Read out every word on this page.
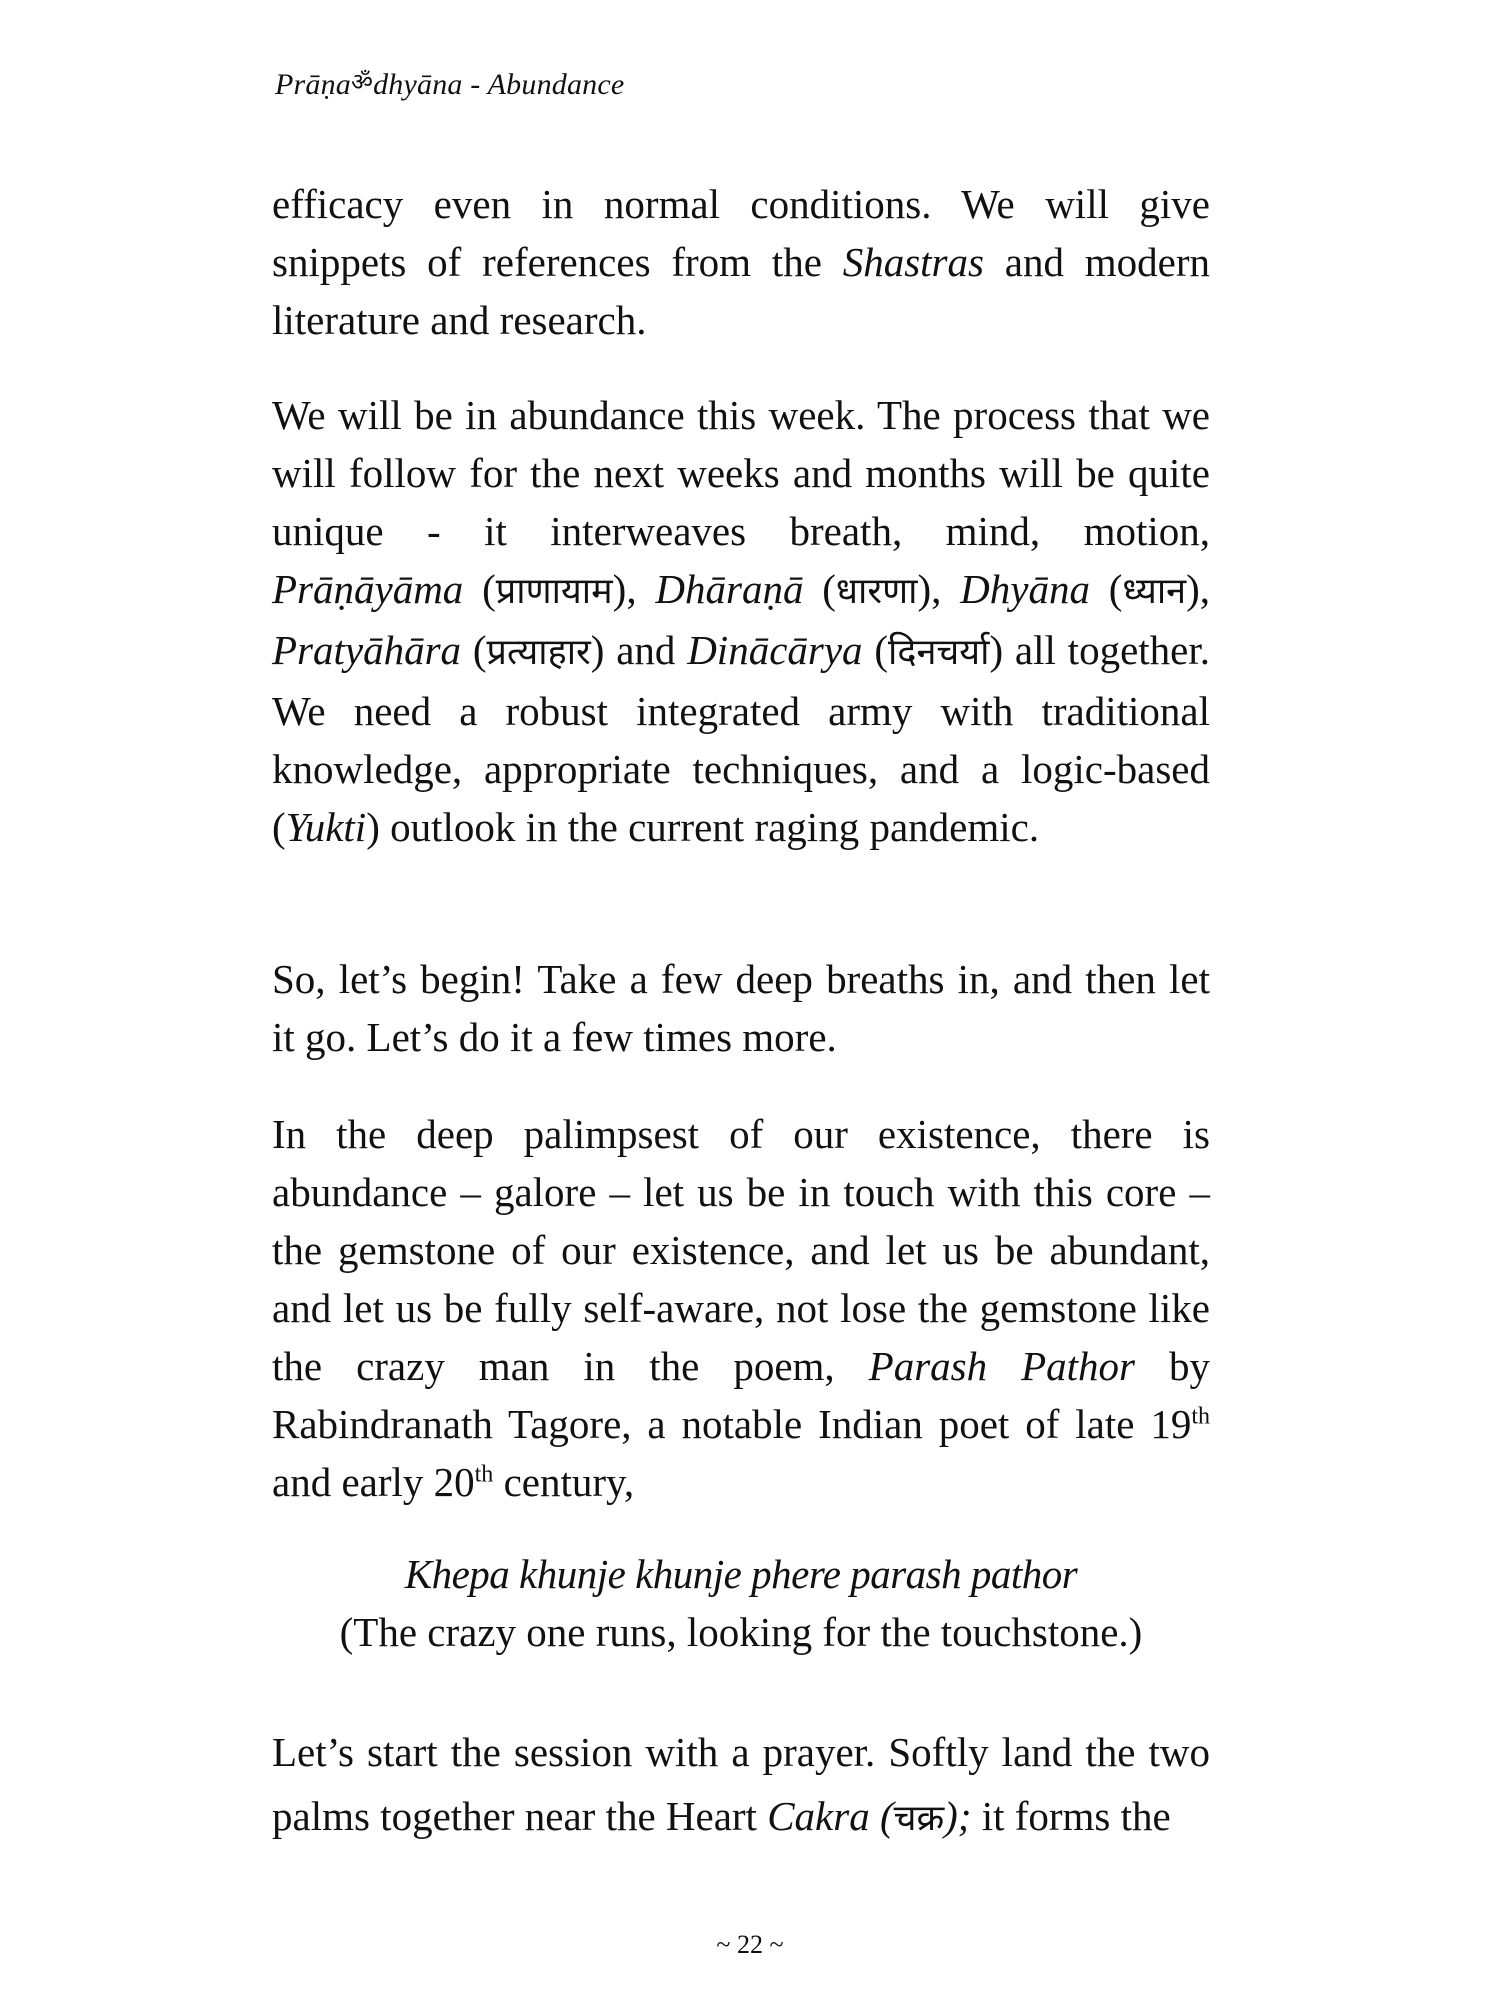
Prāṇaॐdhyāna - Abundance
efficacy even in normal conditions. We will give snippets of references from the Shastras and modern literature and research.
We will be in abundance this week. The process that we will follow for the next weeks and months will be quite unique - it interweaves breath, mind, motion, Prāṇāyāma (प्राणायाम), Dhāraṇā (धारणा), Dhyāna (ध्यान), Pratyāhāra (प्रत्याहार) and Dinācārya (दिनचर्या) all together. We need a robust integrated army with traditional knowledge, appropriate techniques, and a logic-based (Yukti) outlook in the current raging pandemic.
So, let’s begin! Take a few deep breaths in, and then let it go. Let’s do it a few times more.
In the deep palimpsest of our existence, there is abundance – galore – let us be in touch with this core – the gemstone of our existence, and let us be abundant, and let us be fully self-aware, not lose the gemstone like the crazy man in the poem, Parash Pathor by Rabindranath Tagore, a notable Indian poet of late 19th and early 20th century,
Khepa khunje khunje phere parash pathor
(The crazy one runs, looking for the touchstone.)
Let’s start the session with a prayer. Softly land the two palms together near the Heart Cakra (चक्र); it forms the
~ 22 ~
